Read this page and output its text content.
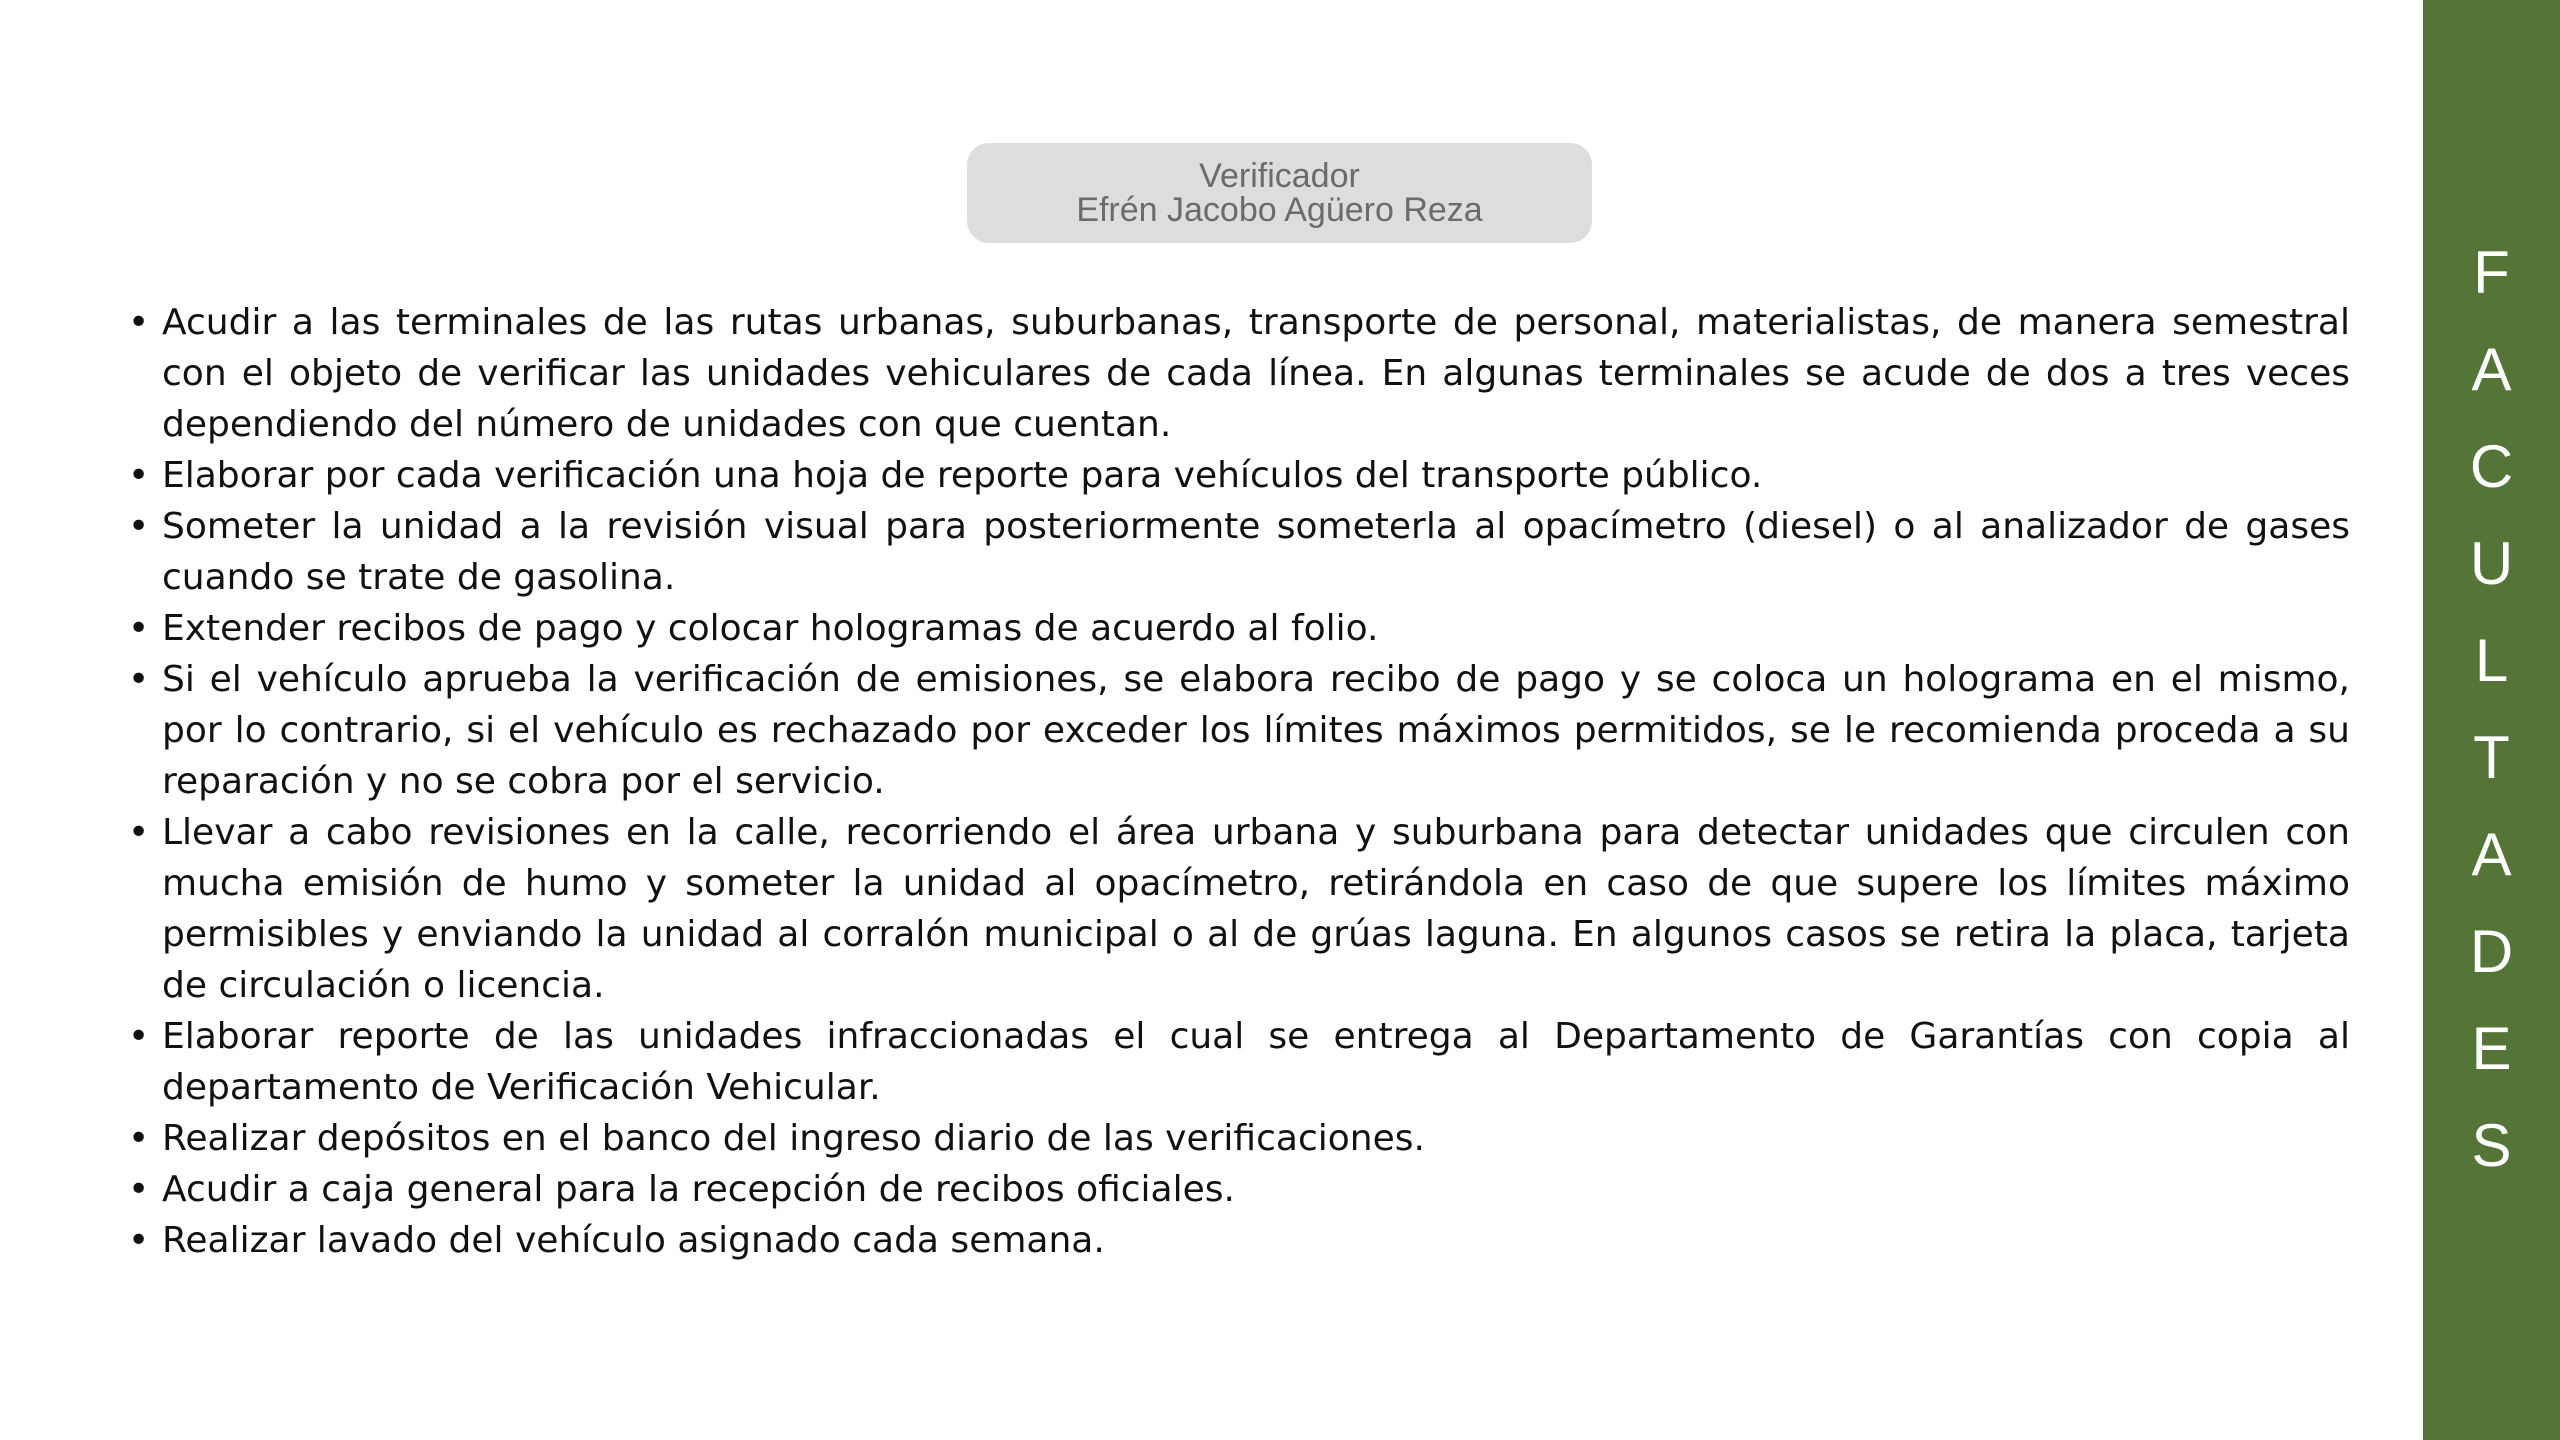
Verificador
Efrén Jacobo Agüero Reza
• Acudir a las terminales de las rutas urbanas, suburbanas, transporte de personal, materialistas, de manera semestral con el objeto de verificar las unidades vehiculares de cada línea. En algunas terminales se acude de dos a tres veces dependiendo del número de unidades con que cuentan.
• Elaborar por cada verificación una hoja de reporte para vehículos del transporte público.
• Someter la unidad a la revisión visual para posteriormente someterla al opacímetro (diesel) o al analizador de gases cuando se trate de gasolina.
• Extender recibos de pago y colocar hologramas de acuerdo al folio.
• Si el vehículo aprueba la verificación de emisiones, se elabora recibo de pago y se coloca un holograma en el mismo, por lo contrario, si el vehículo es rechazado por exceder los límites máximos permitidos, se le recomienda proceda a su reparación y no se cobra por el servicio.
• Llevar a cabo revisiones en la calle, recorriendo el área urbana y suburbana para detectar unidades que circulen con mucha emisión de humo y someter la unidad al opacímetro, retirándola en caso de que supere los límites máximo permisibles y enviando la unidad al corralón municipal o al de grúas laguna. En algunos casos se retira la placa, tarjeta de circulación o licencia.
• Elaborar reporte de las unidades infraccionadas el cual se entrega al Departamento de Garantías con copia al departamento de Verificación Vehicular.
• Realizar depósitos en el banco del ingreso diario de las verificaciones.
• Acudir a caja general para la recepción de recibos oficiales.
• Realizar lavado del vehículo asignado cada semana.
F
A
C
U
L
T
A
D
E
S
